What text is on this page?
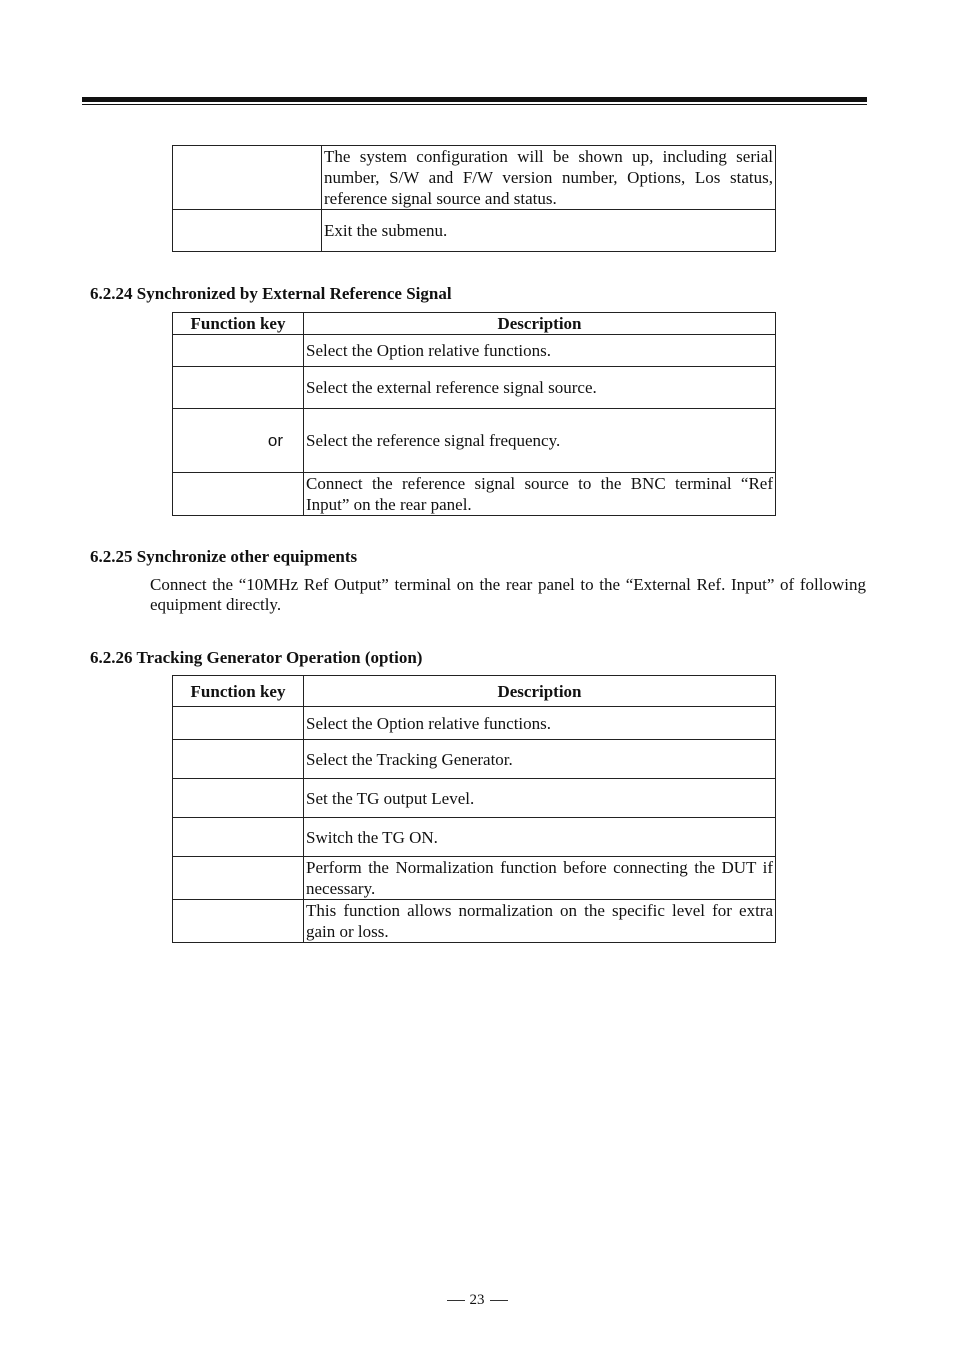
	The system configuration will be shown up, including serial number, S/W and F/W version number, Options, Los status, reference signal source and status.
	Exit the submenu.

6.2.24 Synchronized by External Reference Signal

Function key	Description
	Select the Option relative functions.
	Select the external reference signal source.
or	Select the reference signal frequency.
	Connect the reference signal source to the BNC terminal “Ref Input” on the rear panel.

6.2.25 Synchronize other equipments

Connect the “10MHz Ref Output” terminal on the rear panel to the “External Ref. Input” of following equipment directly.

6.2.26 Tracking Generator Operation (option)

Function key	Description
	Select the Option relative functions.
	Select the Tracking Generator.
	Set the TG output Level.
	Switch the TG ON.
	Perform the Normalization function before connecting the DUT if necessary.
	This function allows normalization on the specific level for extra gain or loss.
23
